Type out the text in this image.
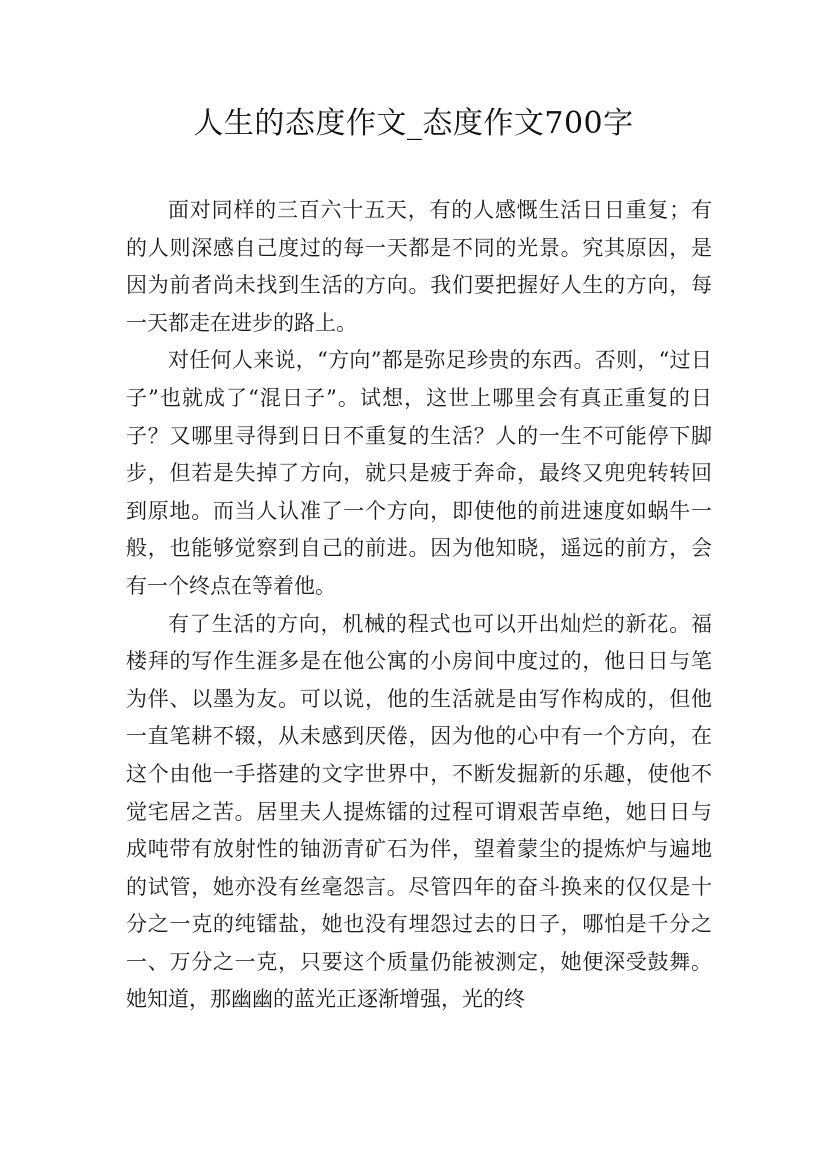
人生的态度作文_态度作文700字

面对同样的三百六十五天，有的人感慨生活日日重复；有的人则深感自己度过的每一天都是不同的光景。究其原因，是因为前者尚未找到生活的方向。我们要把握好人生的方向，每一天都走在进步的路上。

对任何人来说，“方向”都是弥足珍贵的东西。否则，“过日子”也就成了“混日子”。试想，这世上哪里会有真正重复的日子？又哪里寻得到日日不重复的生活？人的一生不可能停下脚步，但若是失掉了方向，就只是疲于奔命，最终又兜兜转转回到原地。而当人认准了一个方向，即使他的前进速度如蜗牛一般，也能够觉察到自己的前进。因为他知晓，遥远的前方，会有一个终点在等着他。

有了生活的方向，机械的程式也可以开出灿烂的新花。福楼拜的写作生涯多是在他公寓的小房间中度过的，他日日与笔为伴、以墨为友。可以说，他的生活就是由写作构成的，但他一直笔耕不辍，从未感到厌倦，因为他的心中有一个方向，在这个由他一手搭建的文字世界中，不断发掘新的乐趣，使他不觉宅居之苦。居里夫人提炼镭的过程可谓艰苦卓绝，她日日与成吨带有放射性的铀沥青矿石为伴，望着蒙尘的提炼炉与遍地的试管，她亦没有丝毫怨言。尽管四年的奋斗换来的仅仅是十分之一克的纯镭盐，她也没有埋怨过去的日子，哪怕是千分之一、万分之一克，只要这个质量仍能被测定，她便深受鼓舞。她知道，那幽幽的蓝光正逐渐增强，光的终
